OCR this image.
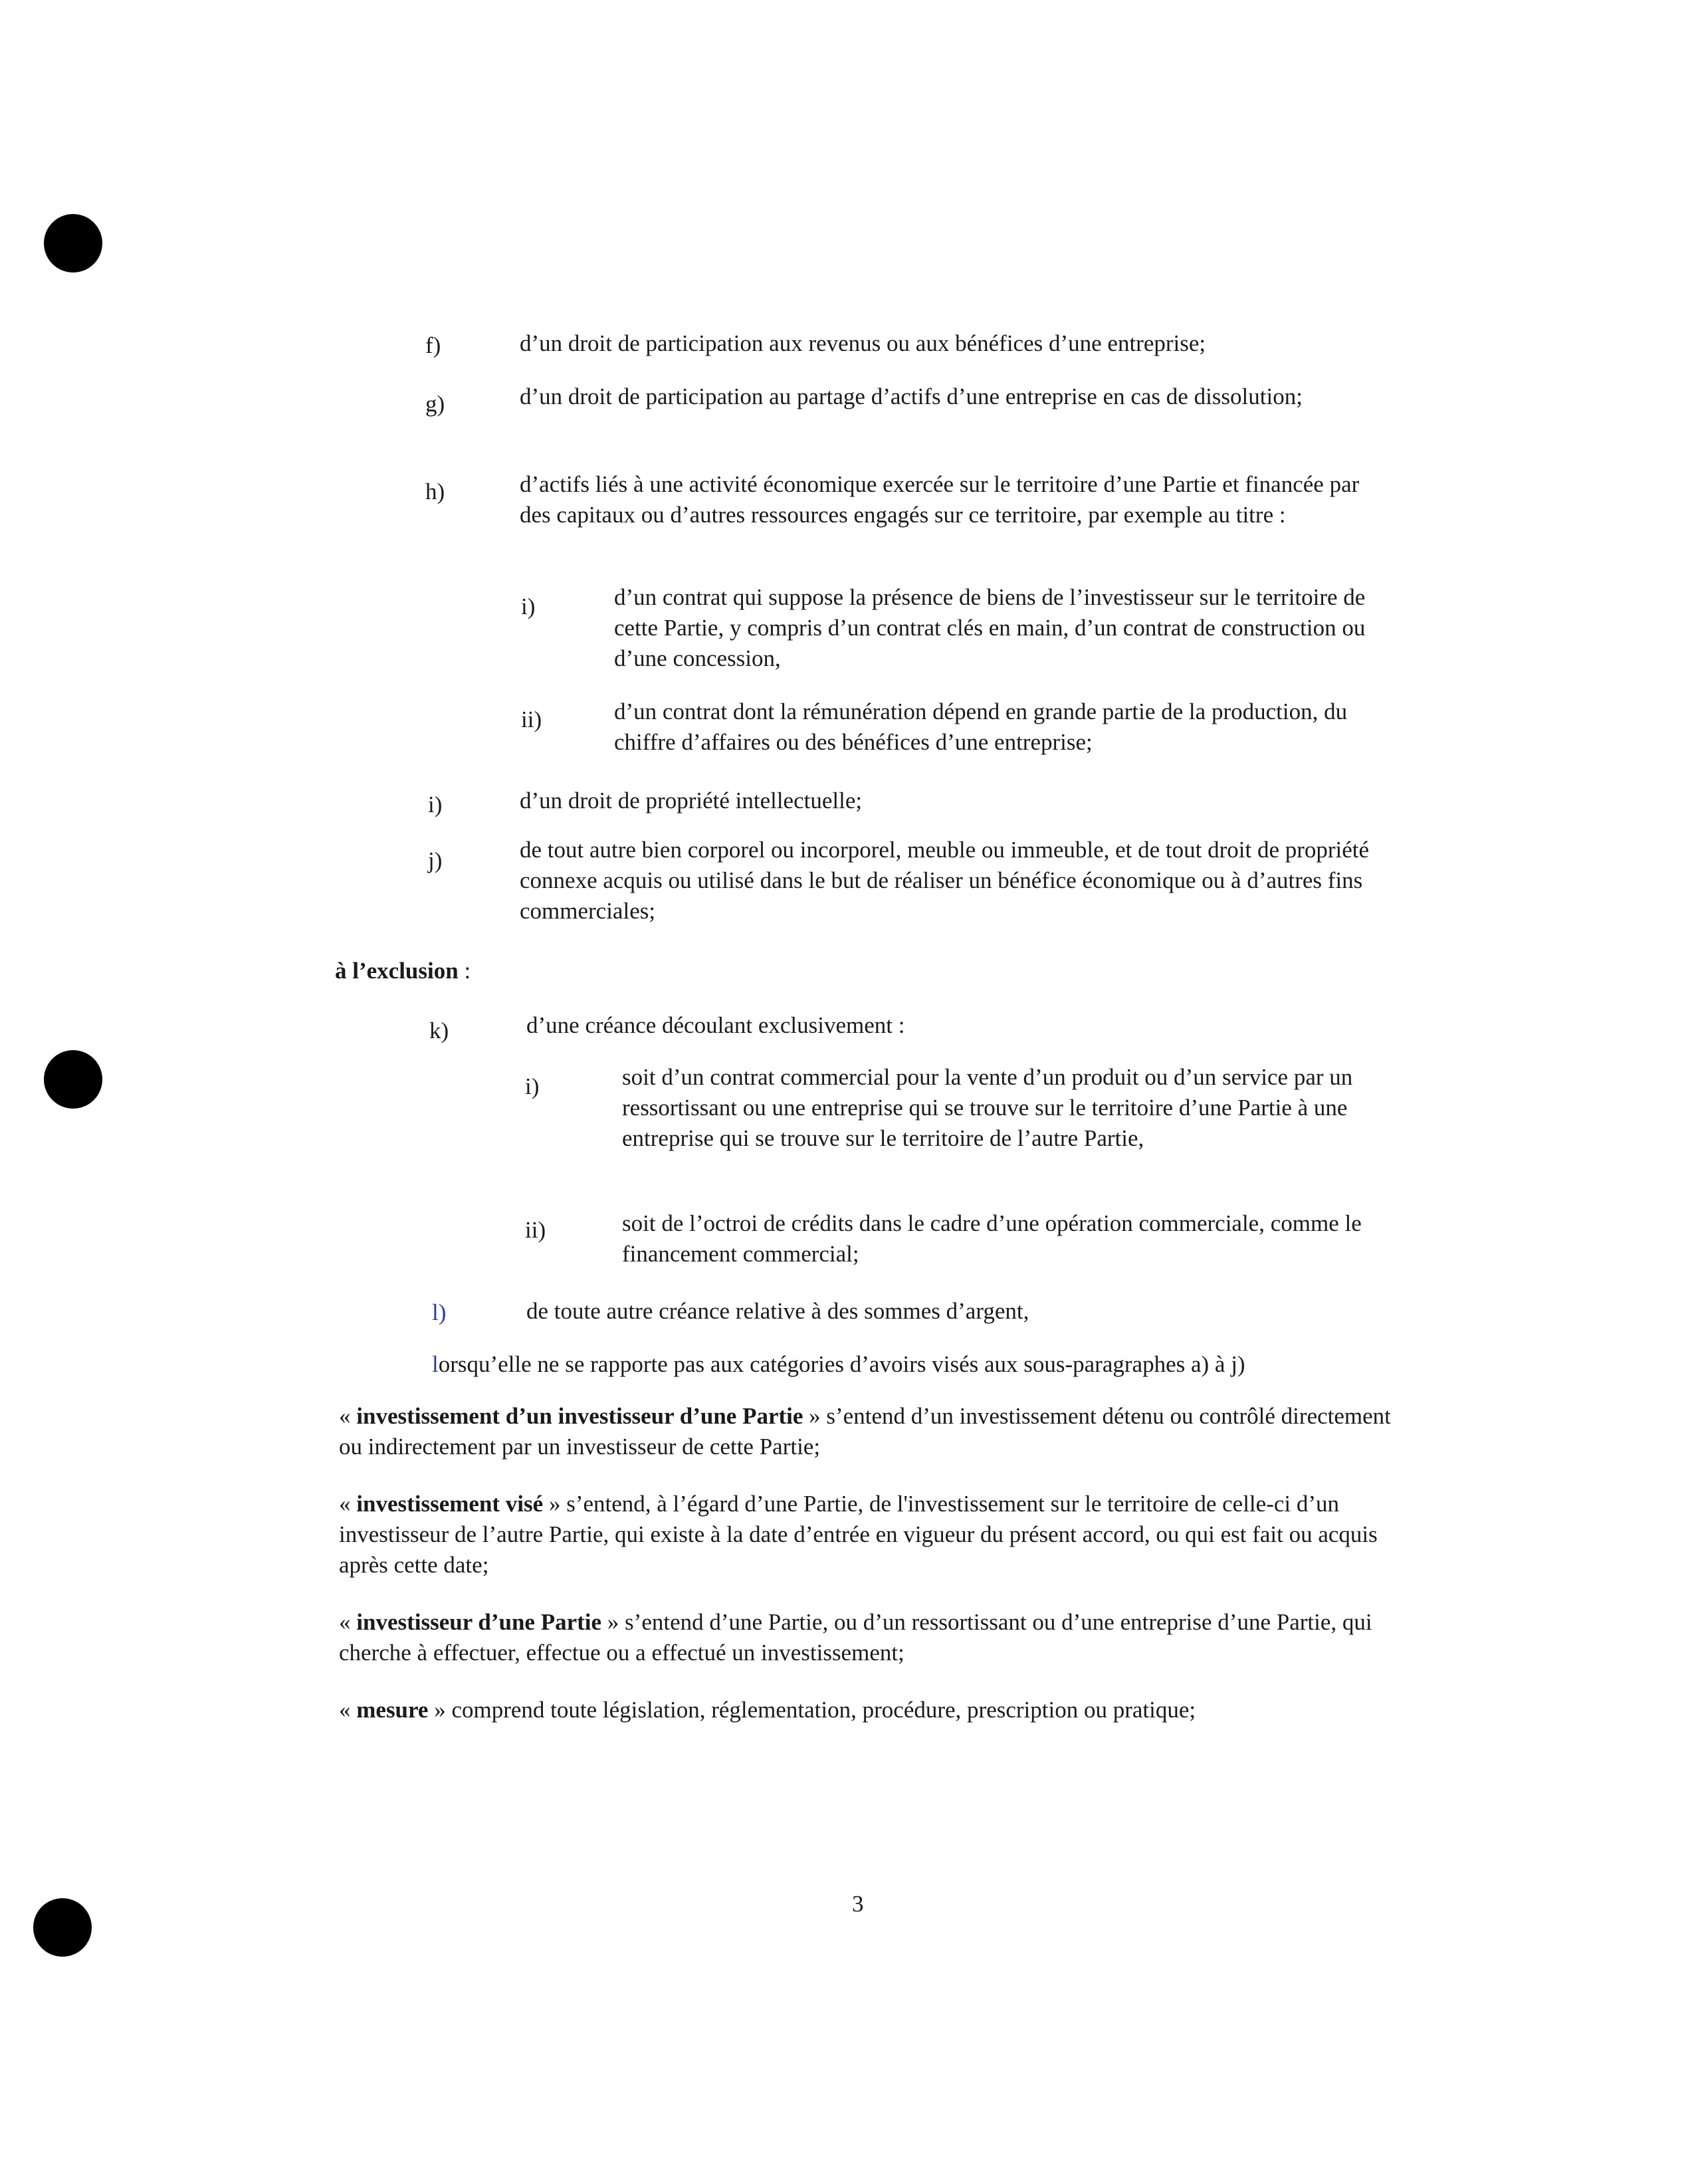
f)	d’un droit de participation aux revenus ou aux bénéfices d’une entreprise;
g)	d’un droit de participation au partage d’actifs d’une entreprise en cas de dissolution;
h)	d’actifs liés à une activité économique exercée sur le territoire d’une Partie et financée par des capitaux ou d’autres ressources engagés sur ce territoire, par exemple au titre :
i)	d’un contrat qui suppose la présence de biens de l’investisseur sur le territoire de cette Partie, y compris d’un contrat clés en main, d’un contrat de construction ou d’une concession,
ii)	d’un contrat dont la rémunération dépend en grande partie de la production, du chiffre d’affaires ou des bénéfices d’une entreprise;
i)	d’un droit de propriété intellectuelle;
j)	de tout autre bien corporel ou incorporel, meuble ou immeuble, et de tout droit de propriété connexe acquis ou utilisé dans le but de réaliser un bénéfice économique ou à d’autres fins commerciales;
à l’exclusion :
k)	d’une créance découlant exclusivement :
i)	soit d’un contrat commercial pour la vente d’un produit ou d’un service par un ressortissant ou une entreprise qui se trouve sur le territoire d’une Partie à une entreprise qui se trouve sur le territoire de l’autre Partie,
ii)	soit de l’octroi de crédits dans le cadre d’une opération commerciale, comme le financement commercial;
l)	de toute autre créance relative à des sommes d’argent,
lorsqu’elle ne se rapporte pas aux catégories d’avoirs visés aux sous-paragraphes a) à j)
« investissement d’un investisseur d’une Partie » s’entend d’un investissement détenu ou contrôlé directement ou indirectement par un investisseur de cette Partie;
« investissement visé » s’entend, à l’égard d’une Partie, de l'investissement sur le territoire de celle-ci d’un investisseur de l’autre Partie, qui existe à la date d’entrée en vigueur du présent accord, ou qui est fait ou acquis après cette date;
« investisseur d’une Partie » s’entend d’une Partie, ou d’un ressortissant ou d’une entreprise d’une Partie, qui cherche à effectuer, effectue ou a effectué un investissement;
« mesure » comprend toute législation, réglementation, procédure, prescription ou pratique;
3
